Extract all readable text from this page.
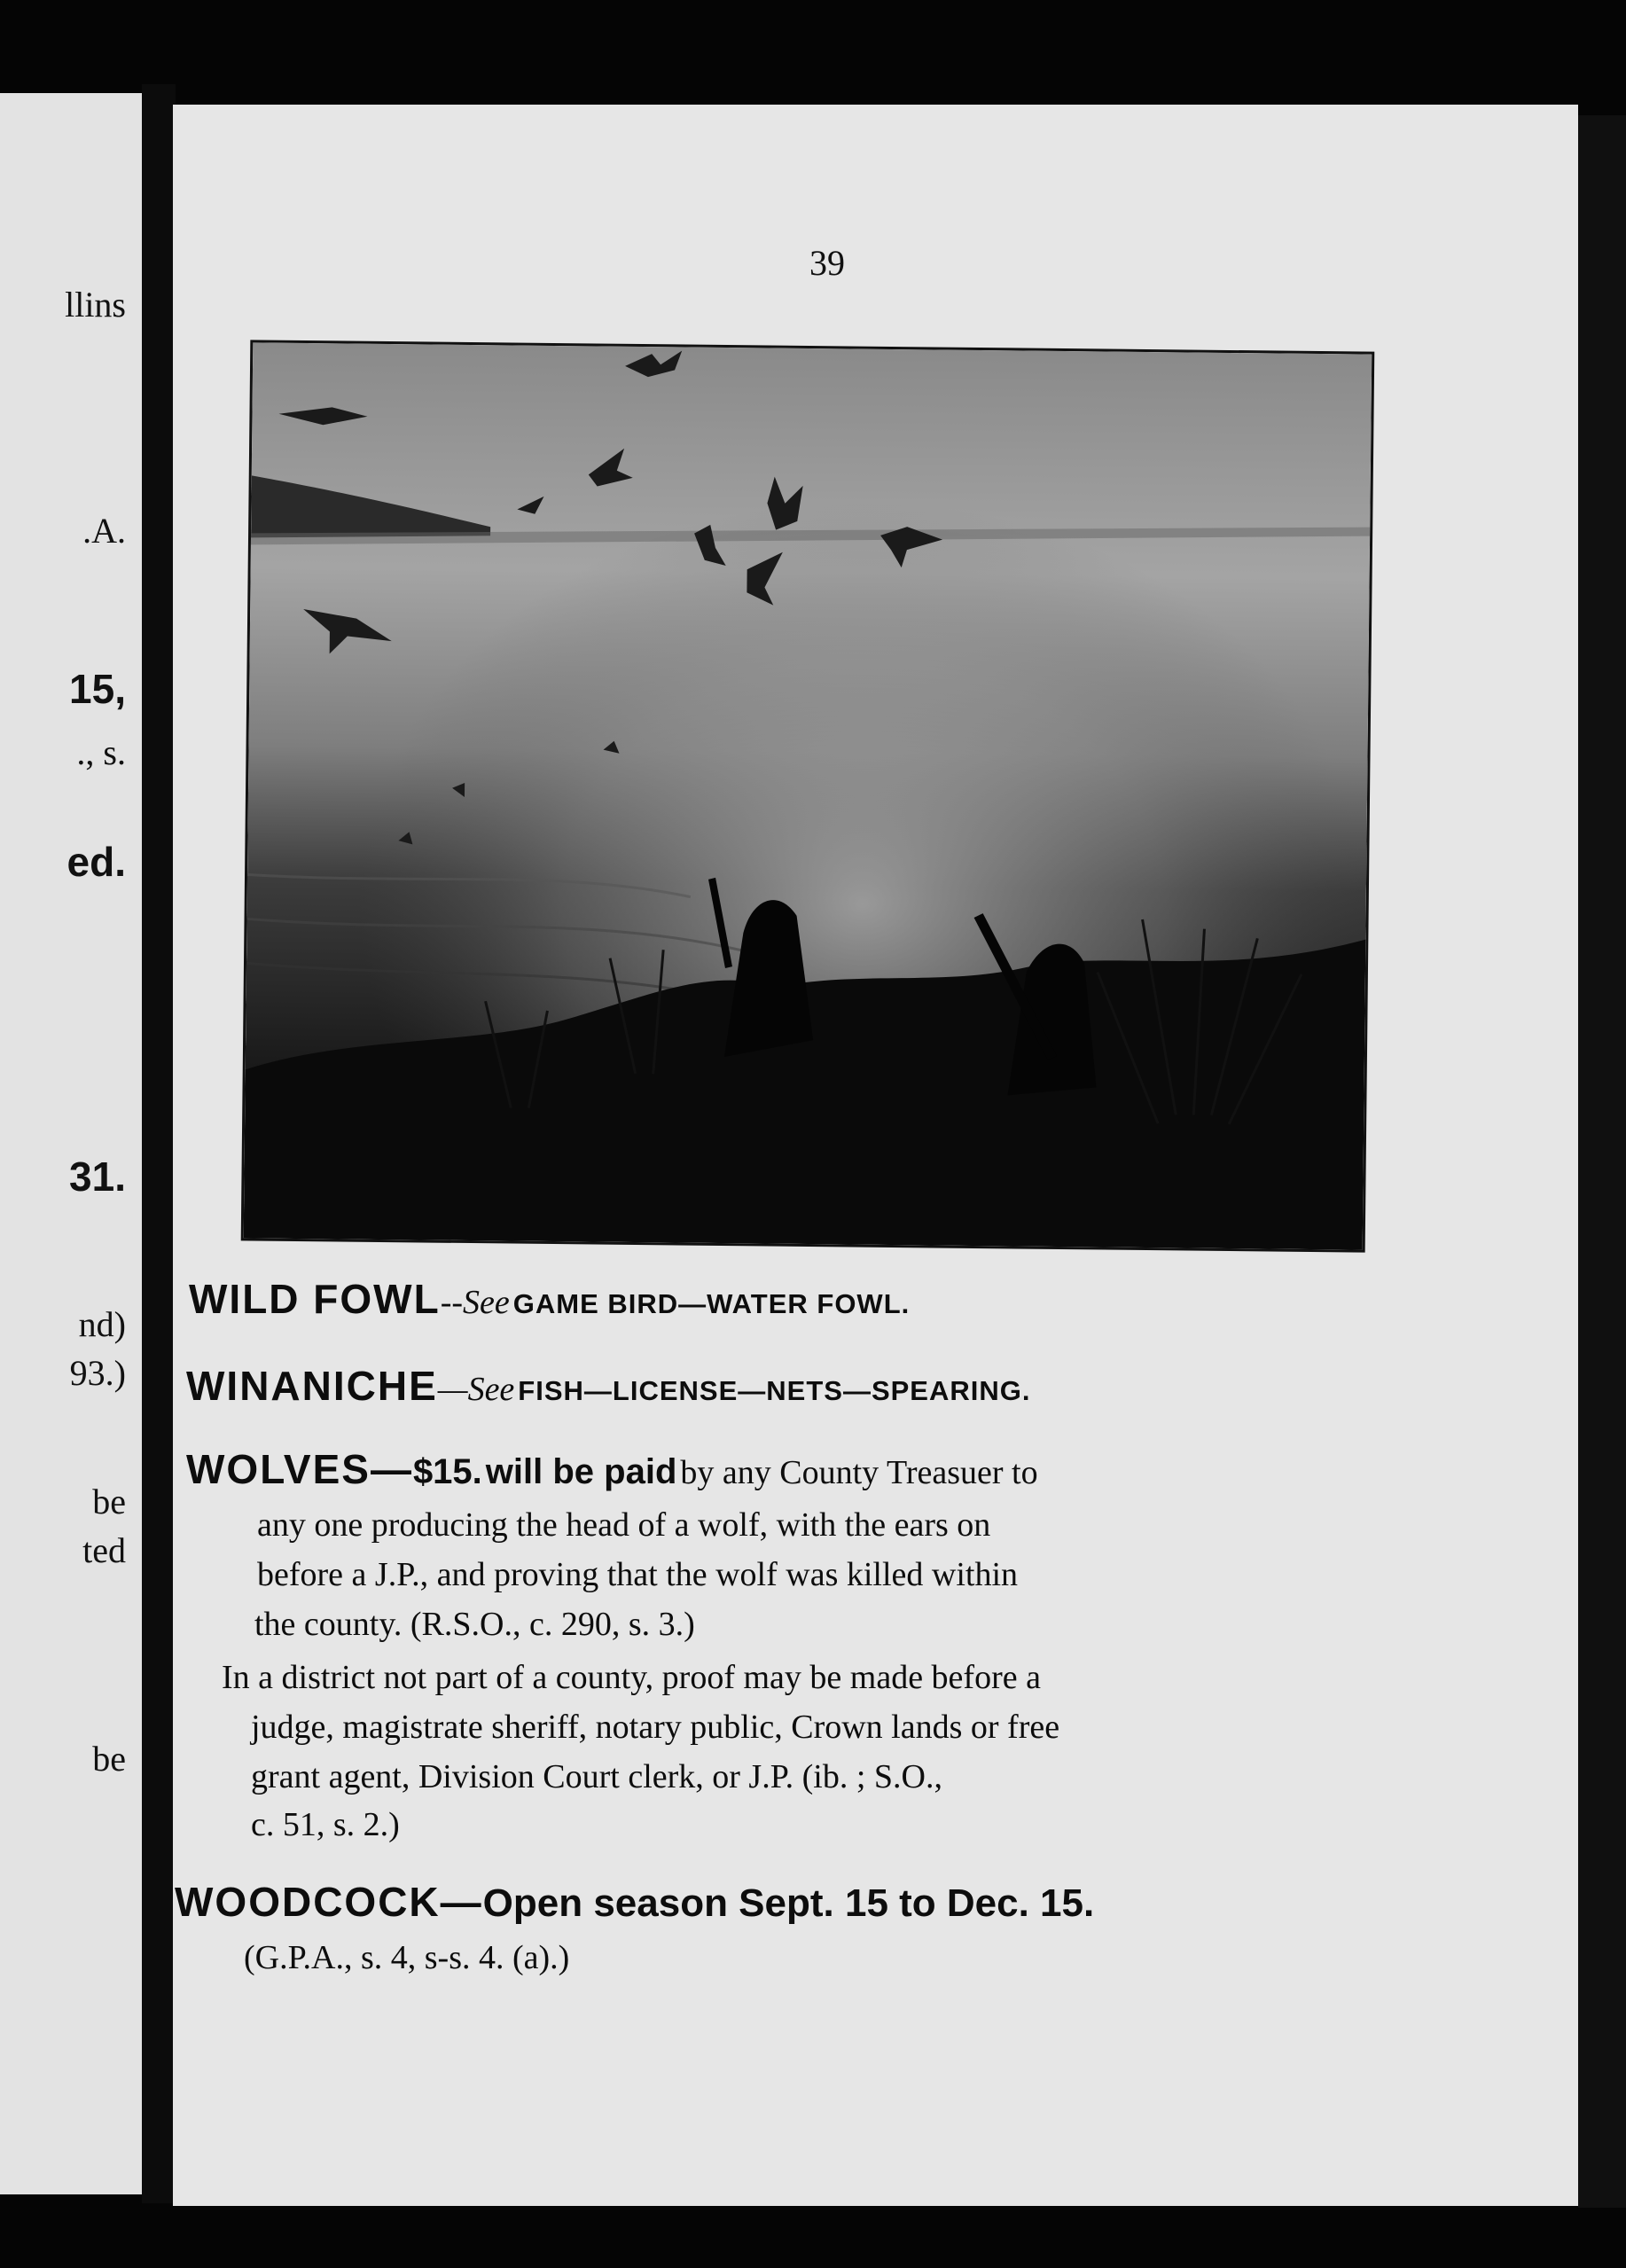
llins
.A.
15,
., s.
ed.
31.
nd)
93.)
be
ted
be
39
WILD FOWL--See GAME BIRD—WATER FOWL.
WINANICHE—See FISH—LICENSE—NETS—SPEARING.
WOLVES—$15. will be paid by any County Treasuer to
any one producing the head of a wolf, with the ears on
before a J.P., and proving that the wolf was killed within
the county. (R.S.O., c. 290, s. 3.)
In a district not part of a county, proof may be made before a
judge, magistrate sheriff, notary public, Crown lands or free
grant agent, Division Court clerk, or J.P. (ib. ; S.O.,
c. 51, s. 2.)
WOODCOCK—Open season Sept. 15 to Dec. 15.
(G.P.A., s. 4, s-s. 4. (a).)
